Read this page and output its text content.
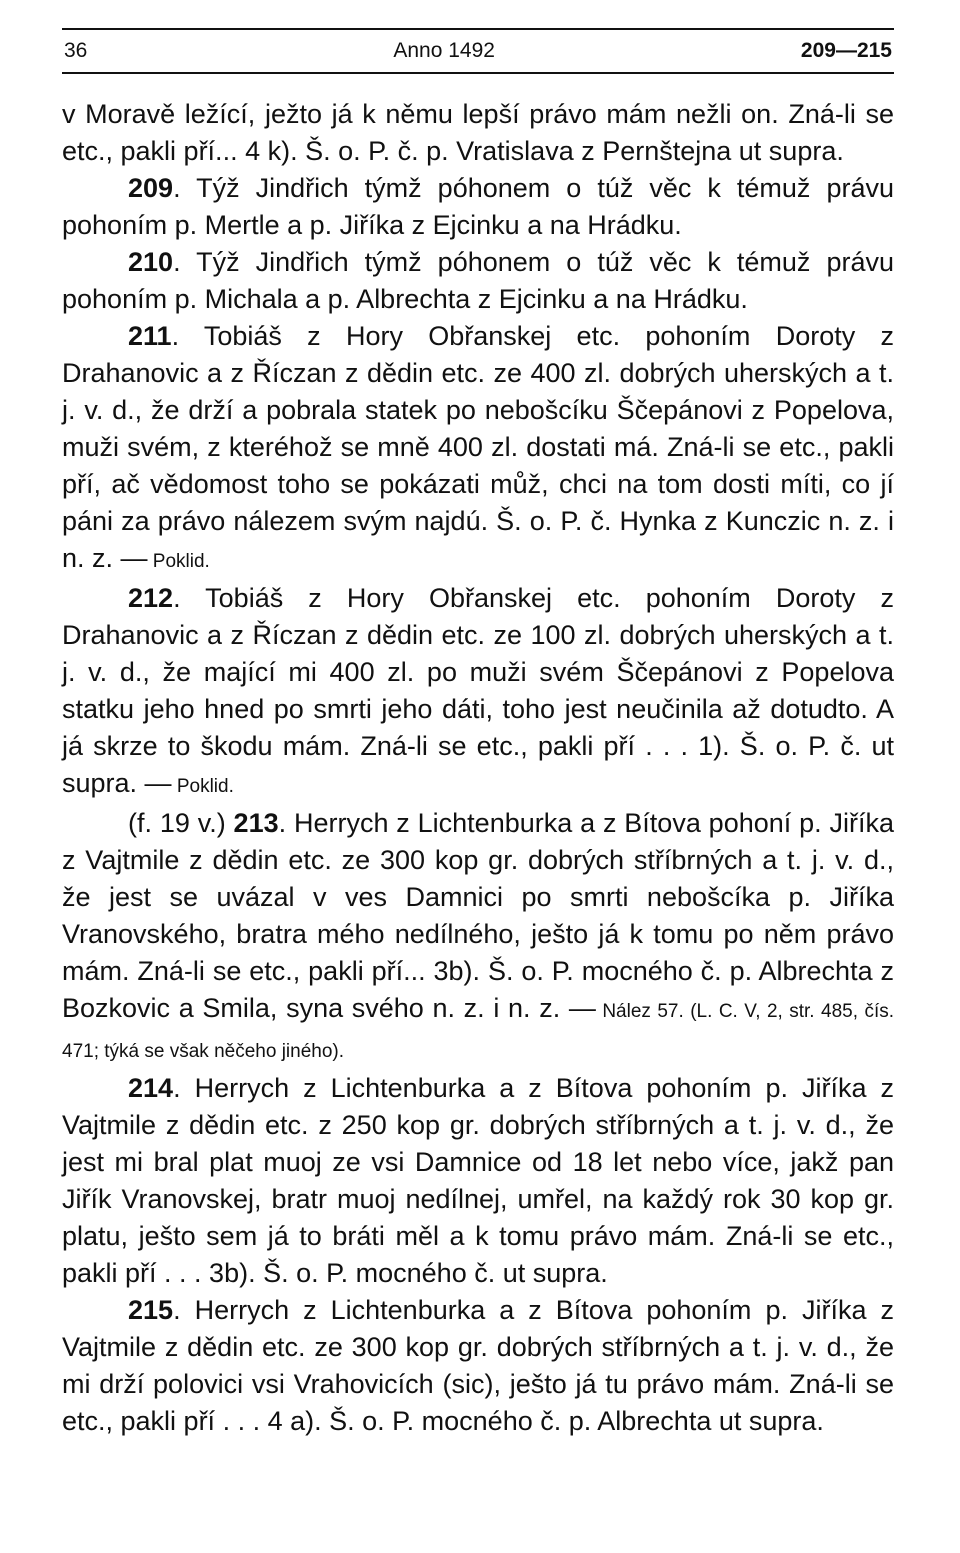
36	Anno 1492	209—215

v Moravě ležící, ježto já k němu lepší právo mám nežli on. Zná-li se etc., pakli pří... 4 k). Š. o. P. č. p. Vratislava z Pernštejna ut supra.

209. Týž Jindřich týmž póhonem o túž věc k témuž právu pohoním p. Mertle a p. Jiříka z Ejcinku a na Hrádku.

210. Týž Jindřich týmž póhonem o túž věc k témuž právu pohoním p. Michala a p. Albrechta z Ejcinku a na Hrádku.

211. Tobiáš z Hory Obřanskej etc. pohoním Doroty z Drahanovic a z Říczan z dědin etc. ze 400 zl. dobrých uherských a t. j. v. d., že drží a pobrala statek po nebošcíku Ščepánovi z Popelova, muži svém, z kteréhož se mně 400 zl. dostati má. Zná-li se etc., pakli pří, ač vědomost toho se pokázati můž, chci na tom dosti míti, co jí páni za právo nálezem svým najdú. Š. o. P. č. Hynka z Kunczic n. z. i n. z. — Poklid.

212. Tobiáš z Hory Obřanskej etc. pohoním Doroty z Drahanovic a z Říczan z dědin etc. ze 100 zl. dobrých uherských a t. j. v. d., že mající mi 400 zl. po muži svém Ščepánovi z Popelova statku jeho hned po smrti jeho dáti, toho jest neučinila až dotudto. A já skrze to škodu mám. Zná-li se etc., pakli pří . . . 1). Š. o. P. č. ut supra. — Poklid.

(f. 19 v.) 213. Herrych z Lichtenburka a z Bítova pohoní p. Jiříka z Vajtmile z dědin etc. ze 300 kop gr. dobrých stříbrných a t. j. v. d., že jest se uvázal v ves Damnici po smrti nebošcíka p. Jiříka Vranovského, bratra mého nedílného, ješto já k tomu po něm právo mám. Zná-li se etc., pakli pří... 3b). Š. o. P. mocného č. p. Albrechta z Bozkovic a Smila, syna svého n. z. i n. z. — Nález 57. (L. C. V, 2, str. 485, čís. 471; týká se však něčeho jiného).

214. Herrych z Lichtenburka a z Bítova pohoním p. Jiříka z Vajtmile z dědin etc. z 250 kop gr. dobrých stříbrných a t. j. v. d., že jest mi bral plat muoj ze vsi Damnice od 18 let nebo více, jakž pan Jiřík Vranovskej, bratr muoj nedílnej, umřel, na každý rok 30 kop gr. platu, ješto sem já to bráti měl a k tomu právo mám. Zná-li se etc., pakli pří . . . 3b). Š. o. P. mocného č. ut supra.

215. Herrych z Lichtenburka a z Bítova pohoním p. Jiříka z Vajtmile z dědin etc. ze 300 kop gr. dobrých stříbrných a t. j. v. d., že mi drží polovici vsi Vrahovicích (sic), ješto já tu právo mám. Zná-li se etc., pakli pří . . . 4 a). Š. o. P. mocného č. p. Albrechta ut supra.
